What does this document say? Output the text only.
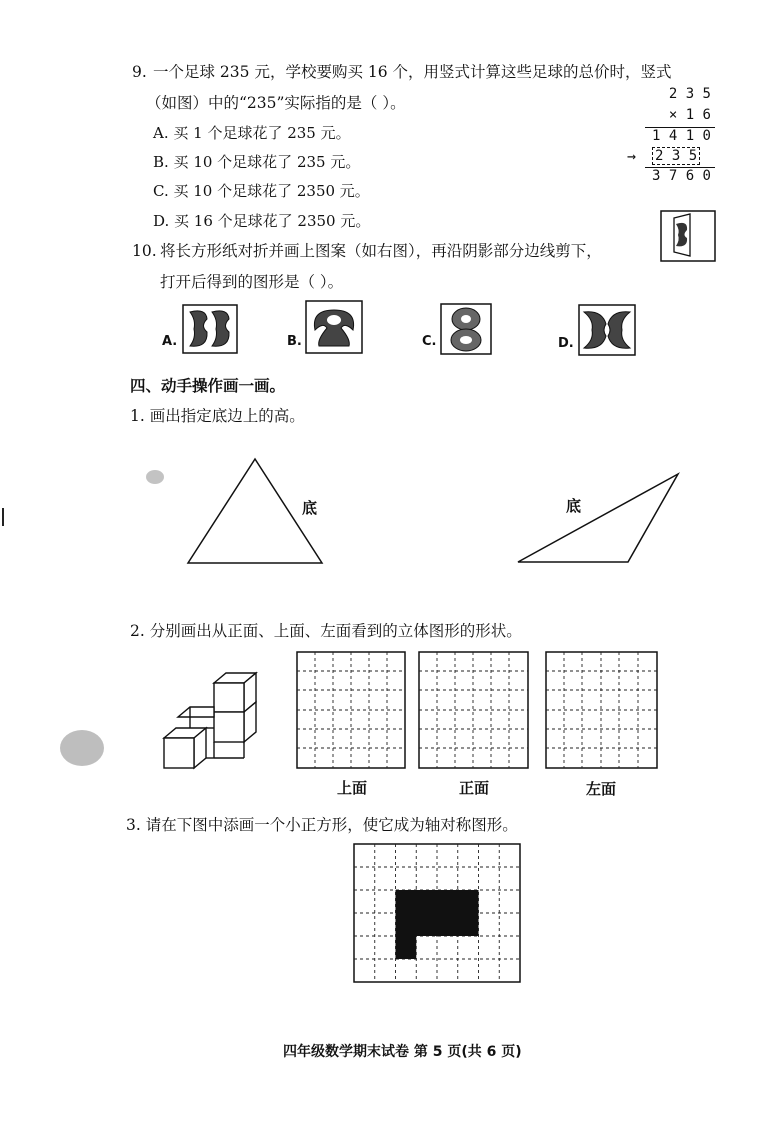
9. 一个足球 235 元，学校要购买 16 个，用竖式计算这些足球的总价时，竖式
（如图）中的“235”实际指的是（ ）。
A. 买 1 个足球花了 235 元。
B. 买 10 个足球花了 235 元。
C. 买 10 个足球花了 2350 元。
D. 买 16 个足球花了 2350 元。
2 3 5
× 1 6
1 4 1 0
→ 2 3 5
3 7 6 0
10. 将长方形纸对折并画上图案（如右图），再沿阴影部分边线剪下，
打开后得到的图形是（ ）。
A.	B.	C.	D.
四、动手操作画一画。
1. 画出指定底边上的高。
底	底
2. 分别画出从正面、上面、左面看到的立体图形的形状。
上面	正面	左面
3. 请在下图中添画一个小正方形，使它成为轴对称图形。
四年级数学期末试卷 第 5 页(共 6 页)
